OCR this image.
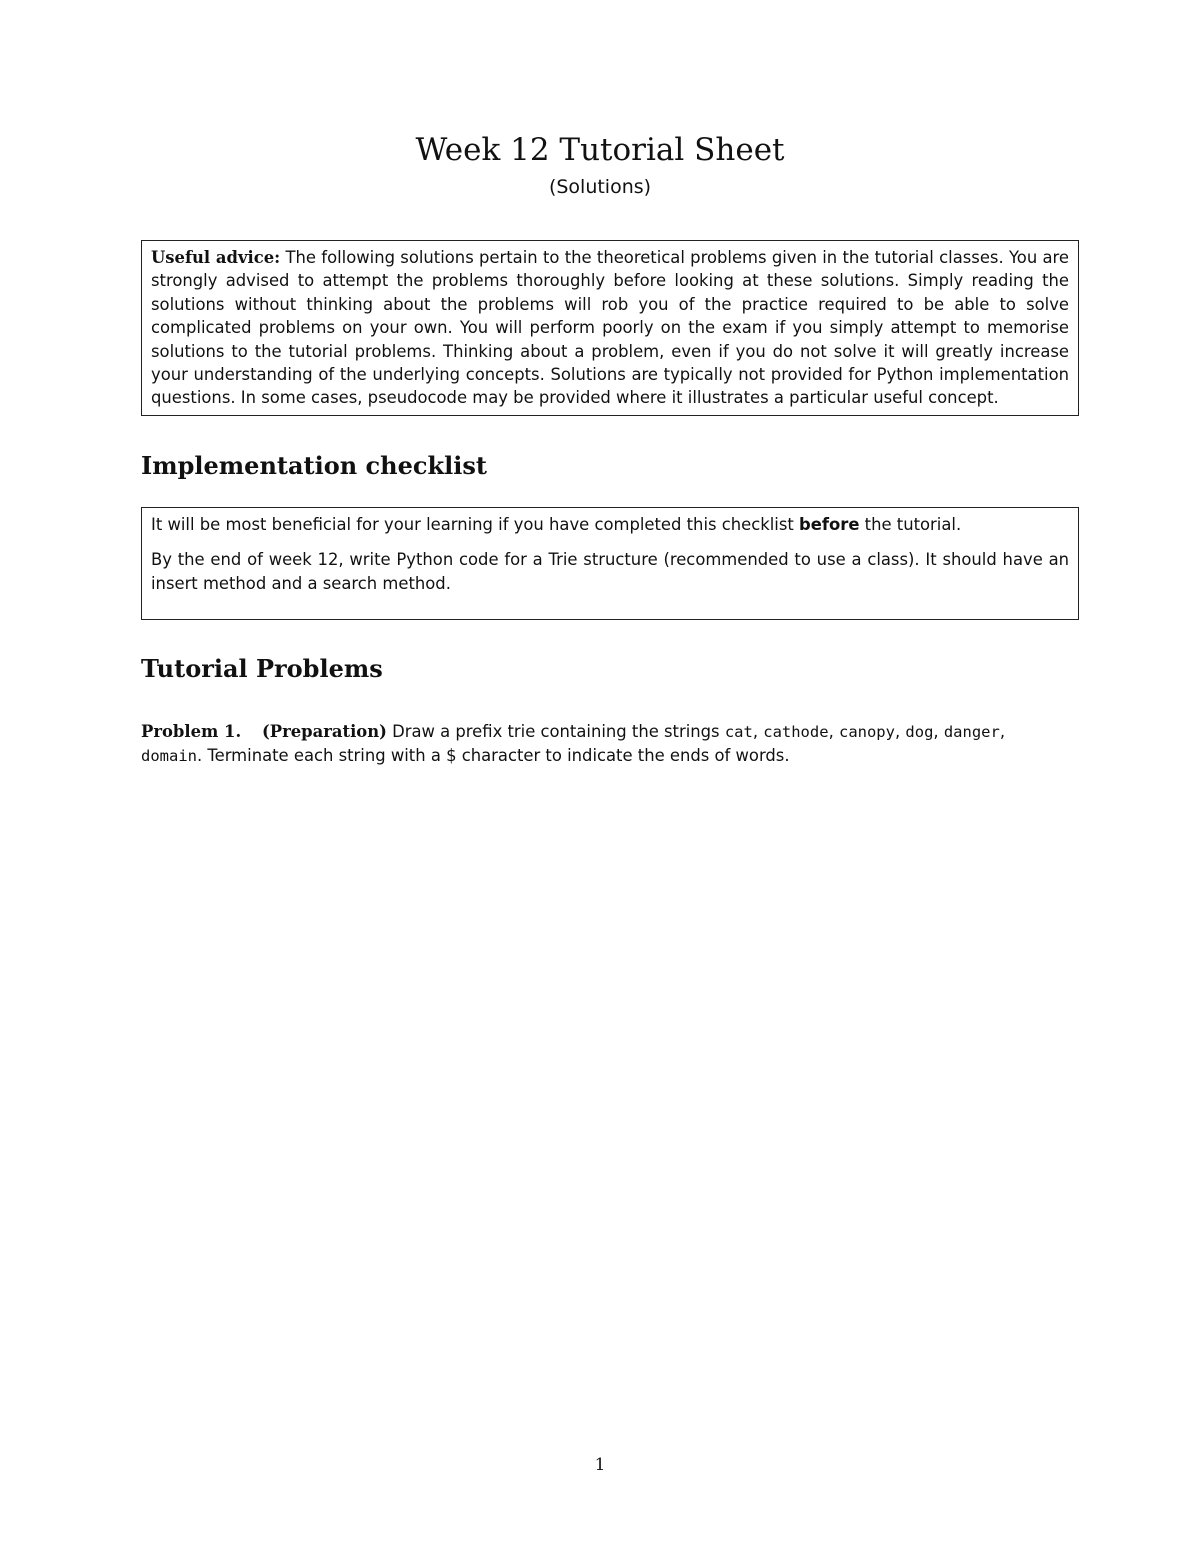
Week 12 Tutorial Sheet
(Solutions)
Useful advice: The following solutions pertain to the theoretical problems given in the tutorial classes. You are strongly advised to attempt the problems thoroughly before looking at these solutions. Simply reading the solutions without thinking about the problems will rob you of the practice required to be able to solve complicated problems on your own. You will perform poorly on the exam if you simply attempt to memorise solutions to the tutorial problems. Thinking about a problem, even if you do not solve it will greatly increase your understanding of the underlying concepts. Solutions are typically not provided for Python implementation questions. In some cases, pseudocode may be provided where it illustrates a particular useful concept.
Implementation checklist
It will be most beneficial for your learning if you have completed this checklist before the tutorial.
By the end of week 12, write Python code for a Trie structure (recommended to use a class). It should have an insert method and a search method.
Tutorial Problems
Problem 1. (Preparation) Draw a prefix trie containing the strings cat, cathode, canopy, dog, danger, domain. Terminate each string with a $ character to indicate the ends of words.
1
